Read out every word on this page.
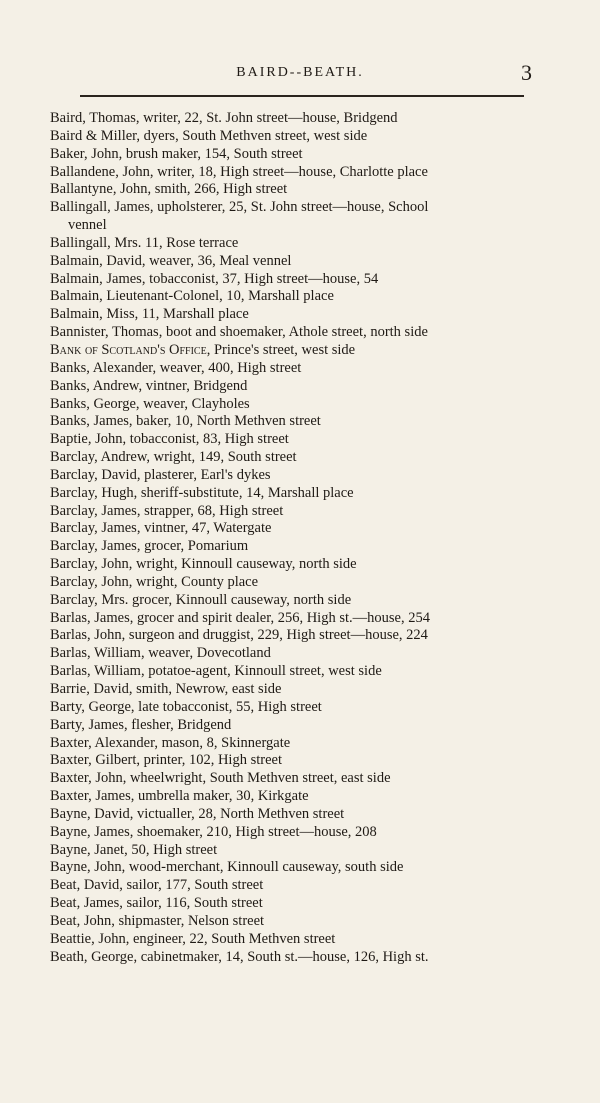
BAIRD--BEATH.	3
Baird, Thomas, writer, 22, St. John street—house, Bridgend
Baird & Miller, dyers, South Methven street, west side
Baker, John, brush maker, 154, South street
Ballandene, John, writer, 18, High street—house, Charlotte place
Ballantyne, John, smith, 266, High street
Ballingall, James, upholsterer, 25, St. John street—house, School
vennel
Ballingall, Mrs. 11, Rose terrace
Balmain, David, weaver, 36, Meal vennel
Balmain, James, tobacconist, 37, High street—house, 54
Balmain, Lieutenant-Colonel, 10, Marshall place
Balmain, Miss, 11, Marshall place
Bannister, Thomas, boot and shoemaker, Athole street, north side
Bank of Scotland's Office, Prince's street, west side
Banks, Alexander, weaver, 400, High street
Banks, Andrew, vintner, Bridgend
Banks, George, weaver, Clayholes
Banks, James, baker, 10, North Methven street
Baptie, John, tobacconist, 83, High street
Barclay, Andrew, wright, 149, South street
Barclay, David, plasterer, Earl's dykes
Barclay, Hugh, sheriff-substitute, 14, Marshall place
Barclay, James, strapper, 68, High street
Barclay, James, vintner, 47, Watergate
Barclay, James, grocer, Pomarium
Barclay, John, wright, Kinnoull causeway, north side
Barclay, John, wright, County place
Barclay, Mrs. grocer, Kinnoull causeway, north side
Barlas, James, grocer and spirit dealer, 256, High st.—house, 254
Barlas, John, surgeon and druggist, 229, High street—house, 224
Barlas, William, weaver, Dovecotland
Barlas, William, potatoe-agent, Kinnoull street, west side
Barrie, David, smith, Newrow, east side
Barty, George, late tobacconist, 55, High street
Barty, James, flesher, Bridgend
Baxter, Alexander, mason, 8, Skinnergate
Baxter, Gilbert, printer, 102, High street
Baxter, John, wheelwright, South Methven street, east side
Baxter, James, umbrella maker, 30, Kirkgate
Bayne, David, victualler, 28, North Methven street
Bayne, James, shoemaker, 210, High street—house, 208
Bayne, Janet, 50, High street
Bayne, John, wood-merchant, Kinnoull causeway, south side
Beat, David, sailor, 177, South street
Beat, James, sailor, 116, South street
Beat, John, shipmaster, Nelson street
Beattie, John, engineer, 22, South Methven street
Beath, George, cabinetmaker, 14, South st.—house, 126, High st.
